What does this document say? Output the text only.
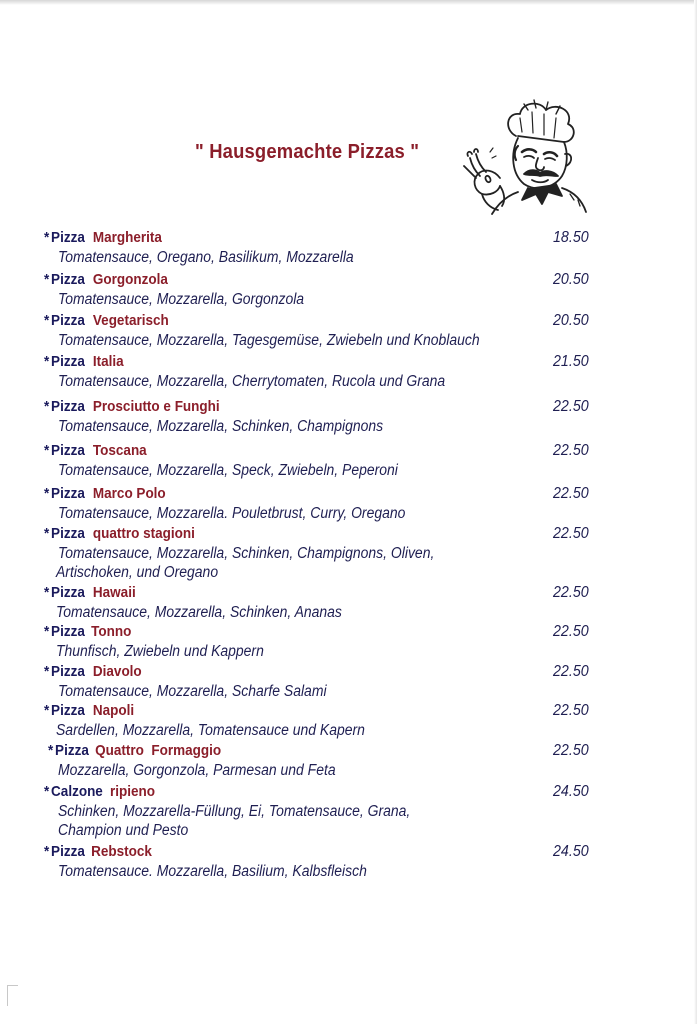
" Hausgemachte Pizzas "
* Pizza Margherita
Tomatensauce, Oregano, Basilikum, Mozzarella
18.50
* Pizza Gorgonzola
Tomatensauce, Mozzarella, Gorgonzola
20.50
* Pizza Vegetarisch
Tomatensauce, Mozzarella, Tagesgemüse, Zwiebeln und Knoblauch
20.50
* Pizza Italia
Tomatensauce, Mozzarella, Cherrytomaten, Rucola und Grana
21.50
* Pizza Prosciutto e Funghi
Tomatensauce, Mozzarella, Schinken, Champignons
22.50
* Pizza Toscana
Tomatensauce, Mozzarella, Speck, Zwiebeln, Peperoni
22.50
* Pizza Marco Polo
Tomatensauce, Mozzarella. Pouletbrust, Curry, Oregano
22.50
* Pizza quattro stagioni
Tomatensauce, Mozzarella, Schinken, Champignons, Oliven,
Artischoken, und Oregano
22.50
* Pizza Hawaii
Tomatensauce, Mozzarella, Schinken, Ananas
22.50
* Pizza Tonno
Thunfisch, Zwiebeln und Kappern
22.50
* Pizza Diavolo
Tomatensauce, Mozzarella, Scharfe Salami
22.50
* Pizza Napoli
Sardellen, Mozzarella, Tomatensauce und Kapern
22.50
* Pizza Quattro  Formaggio
Mozzarella, Gorgonzola, Parmesan und Feta
22.50
* Calzone ripieno
Schinken, Mozzarella-Füllung, Ei, Tomatensauce, Grana,
Champion und Pesto
24.50
* Pizza Rebstock
Tomatensauce. Mozzarella, Basilium, Kalbsfleisch
24.50
